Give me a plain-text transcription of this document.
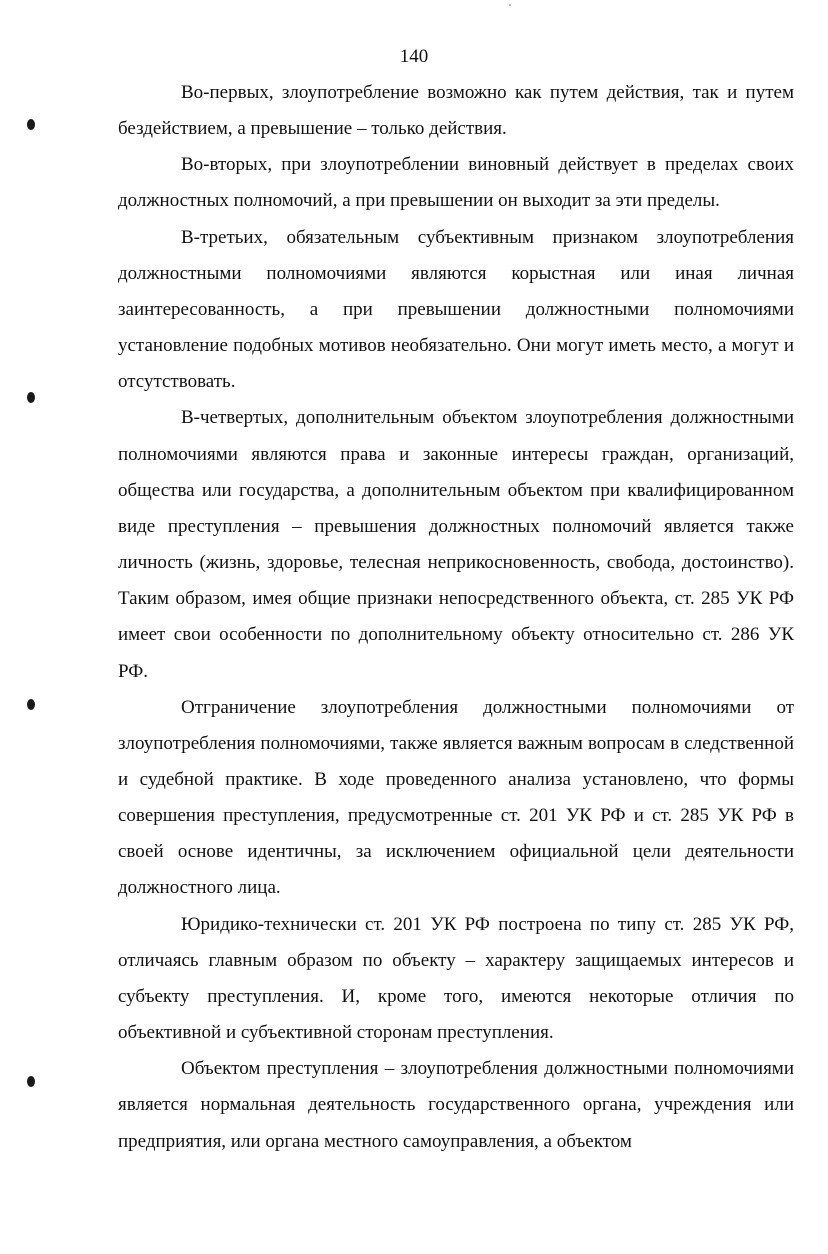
140

Во-первых, злоупотребление возможно как путем действия, так и путем бездействием, а превышение – только действия.

Во-вторых, при злоупотреблении виновный действует в пределах своих должностных полномочий, а при превышении он выходит за эти пределы.

В-третьих, обязательным субъективным признаком злоупотребления должностными полномочиями являются корыстная или иная личная заинтересованность, а при превышении должностными полномочиями установление подобных мотивов необязательно. Они могут иметь место, а могут и отсутствовать.

В-четвертых, дополнительным объектом злоупотребления должностными полномочиями являются права и законные интересы граждан, организаций, общества или государства, а дополнительным объектом при квалифицированном виде преступления – превышения должностных полномочий является также личность (жизнь, здоровье, телесная неприкосновенность, свобода, достоинство). Таким образом, имея общие признаки непосредственного объекта, ст. 285 УК РФ имеет свои особенности по дополнительному объекту относительно ст. 286 УК РФ.

Отграничение злоупотребления должностными полномочиями от злоупотребления полномочиями, также является важным вопросам в следственной и судебной практике. В ходе проведенного анализа установлено, что формы совершения преступления, предусмотренные ст. 201 УК РФ и ст. 285 УК РФ в своей основе идентичны, за исключением официальной цели деятельности должностного лица.

Юридико-технически ст. 201 УК РФ построена по типу ст. 285 УК РФ, отличаясь главным образом по объекту – характеру защищаемых интересов и субъекту преступления. И, кроме того, имеются некоторые отличия по объективной и субъективной сторонам преступления.

Объектом преступления – злоупотребления должностными полномочиями является нормальная деятельность государственного органа, учреждения или предприятия, или органа местного самоуправления, а объектом
